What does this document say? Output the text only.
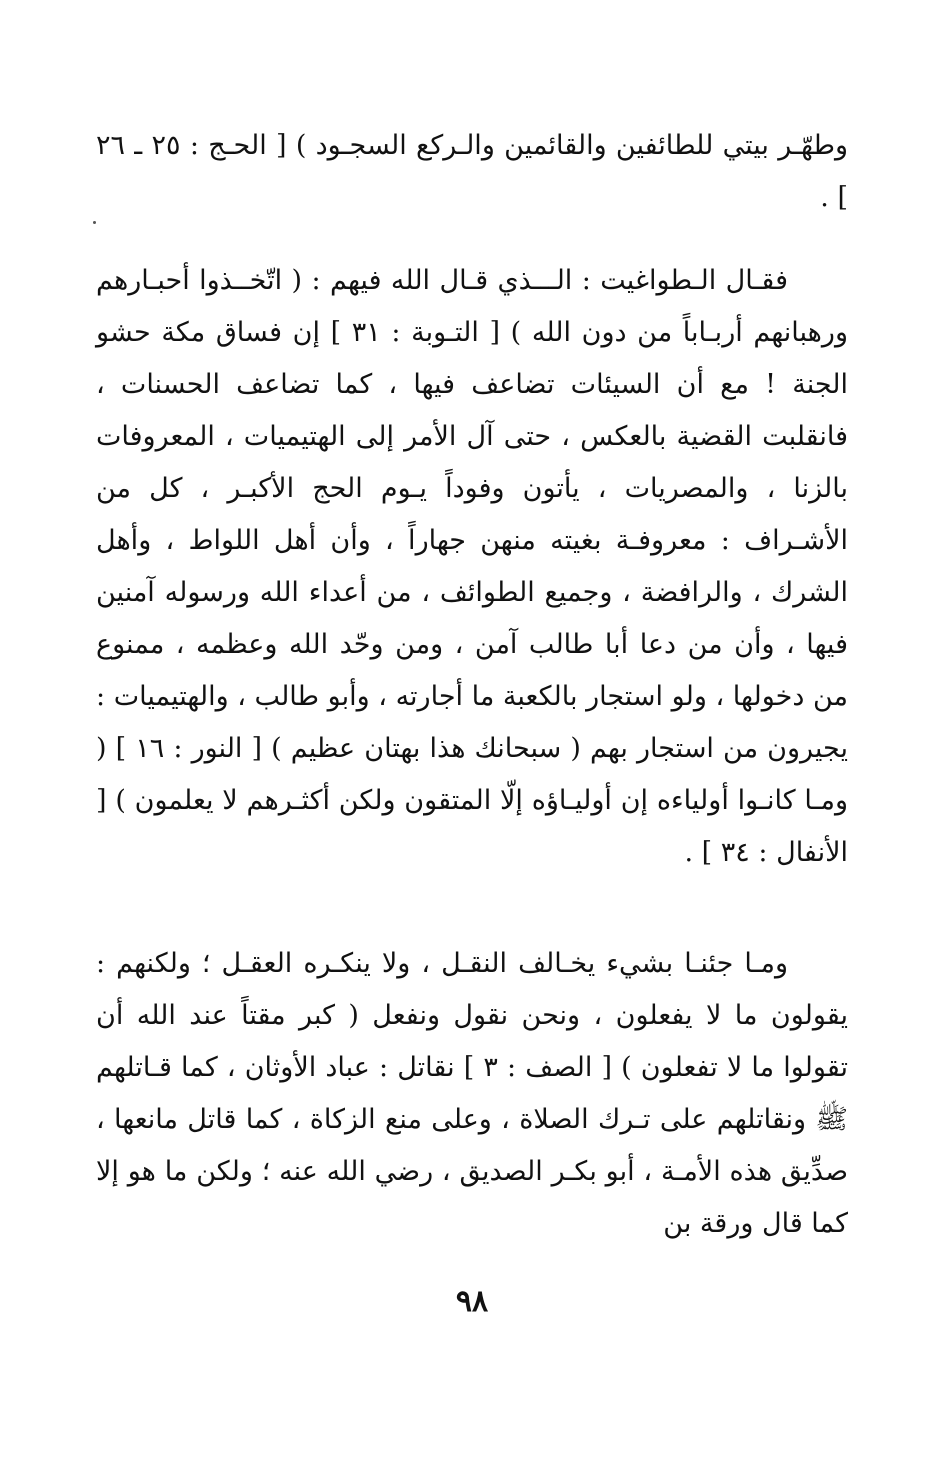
وطهّـر بيتي للطائفين والقائمين والـركع السجـود ) [ الحـج : ٢٥ ـ ٢٦ ] .

فقـال الـطواغيت : الـــذي قـال الله فيهم : ( اتّخــذوا أحبـارهم ورهبانهم أربـاباً من دون الله ) [ التـوبة : ٣١ ] إن فساق مكة حشو الجنة ! مع أن السيئات تضاعف فيها ، كما تضاعف الحسنات ، فانقلبت القضية بالعكس ، حتى آل الأمر إلى الهتيميات ، المعروفات بالزنا ، والمصريات ، يأتون وفوداً يـوم الحج الأكبـر ، كل من الأشـراف : معروفـة بغيته منهن جهاراً ، وأن أهل اللواط ، وأهل الشرك ، والرافضة ، وجميع الطوائف ، من أعداء الله ورسوله آمنين فيها ، وأن من دعا أبا طالب آمن ، ومن وحّد الله وعظمه ، ممنوع من دخولها ، ولو استجار بالكعبة ما أجارته ، وأبو طالب ، والهتيميات : يجيرون من استجار بهم ( سبحانك هذا بهتان عظيم ) [ النور : ١٦ ] ( ومـا كانـوا أولياءه إن أوليـاؤه إلّا المتقون ولكن أكثـرهم لا يعلمون ) [ الأنفال : ٣٤ ] .

ومـا جئنـا بشيء يخـالف النقـل ، ولا ينكـره العقـل ؛ ولكنهم : يقولون ما لا يفعلون ، ونحن نقول ونفعل ( كبر مقتاً عند الله أن تقولوا ما لا تفعلون ) [ الصف : ٣ ] نقاتل : عباد الأوثان ، كما قـاتلهم ﷺ ونقاتلهم على تـرك الصلاة ، وعلى منع الزكاة ، كما قاتل مانعها ، صدِّيق هذه الأمـة ، أبو بكـر الصديق ، رضي الله عنه ؛ ولكن ما هو إلا كما قال ورقة بن

٩٨
